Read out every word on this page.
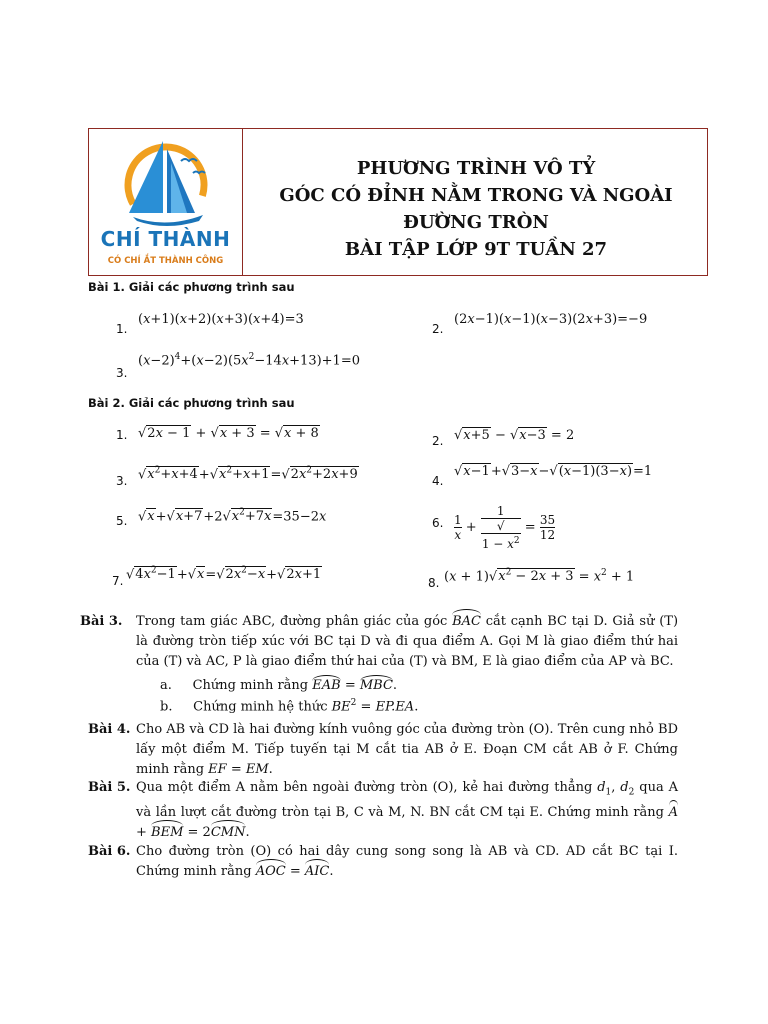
CHÍ THÀNH
CÓ CHÍ ẮT THÀNH CÔNG
PHƯƠNG TRÌNH VÔ TỶ
GÓC CÓ ĐỈNH NẰM TRONG VÀ NGOÀI
ĐƯỜNG TRÒN
BÀI TẬP LỚP 9T TUẦN 27
Bài 1. Giải các phương trình sau
1.
(x+1)(x+2)(x+3)(x+4)=3
2.
(2x−1)(x−1)(x−3)(2x+3)=−9
3.
$(x-2)^4+(x-2)(5x^2-14x+13)+1=0$
Bài 2. Giải các phương trình sau
1. √2x − 1 + √x + 3 = √x + 8	2. √x+5 − √x−3 = 2
3. $√x^2+x+4+√x^2+x+1=√2x^2+2x+9$	4.
√x−1+√3−x−√(x−1)(3−x)=1
5. $√x+√x+7+2√x^2+7x=35-2x$	6. $\frac{1}{x} + 1$
√
$1 - x^2 = \frac{35}{12}$
7. $√4x^2-1+√x=√2x^2-x+√2x+1$
8. $(x + 1)√x^2 - 2x + 3 = x^2 + 1$
Bài 3. Trong tam giác ABC, đường phân giác của góc BAC cắt cạnh BC tại D. Giả sử (T) là đường tròn tiếp xúc với BC tại D và đi qua điểm A. Gọi M là giao điểm thứ hai của (T) và AC, P là giao điểm thứ hai của (T) và BM, E là giao điểm của AP và BC.
a. Chứng minh rằng EAB = MBC.
b. Chứng minh hệ thức $BE^2 = EP.EA$.
Bài 4. Cho AB và CD là hai đường kính vuông góc của đường tròn (O). Trên cung nhỏ BD lấy một điểm M. Tiếp tuyến tại M cắt tia AB ở E. Đoạn CM cắt AB ở F. Chứng minh rằng EF = EM.
Bài 5. Qua một điểm A nằm bên ngoài đường tròn (O), kẻ hai đường thẳng $d_1$, $d_2$ qua A và lần lượt cắt đường tròn tại B, C và M, N. BN cắt CM tại E. Chứng minh rằng A + BEM = 2CMN.
Bài 6. Cho đường tròn (O) có hai dây cung song song là AB và CD. AD cắt BC tại I. Chứng minh rằng AOC = AIC.
